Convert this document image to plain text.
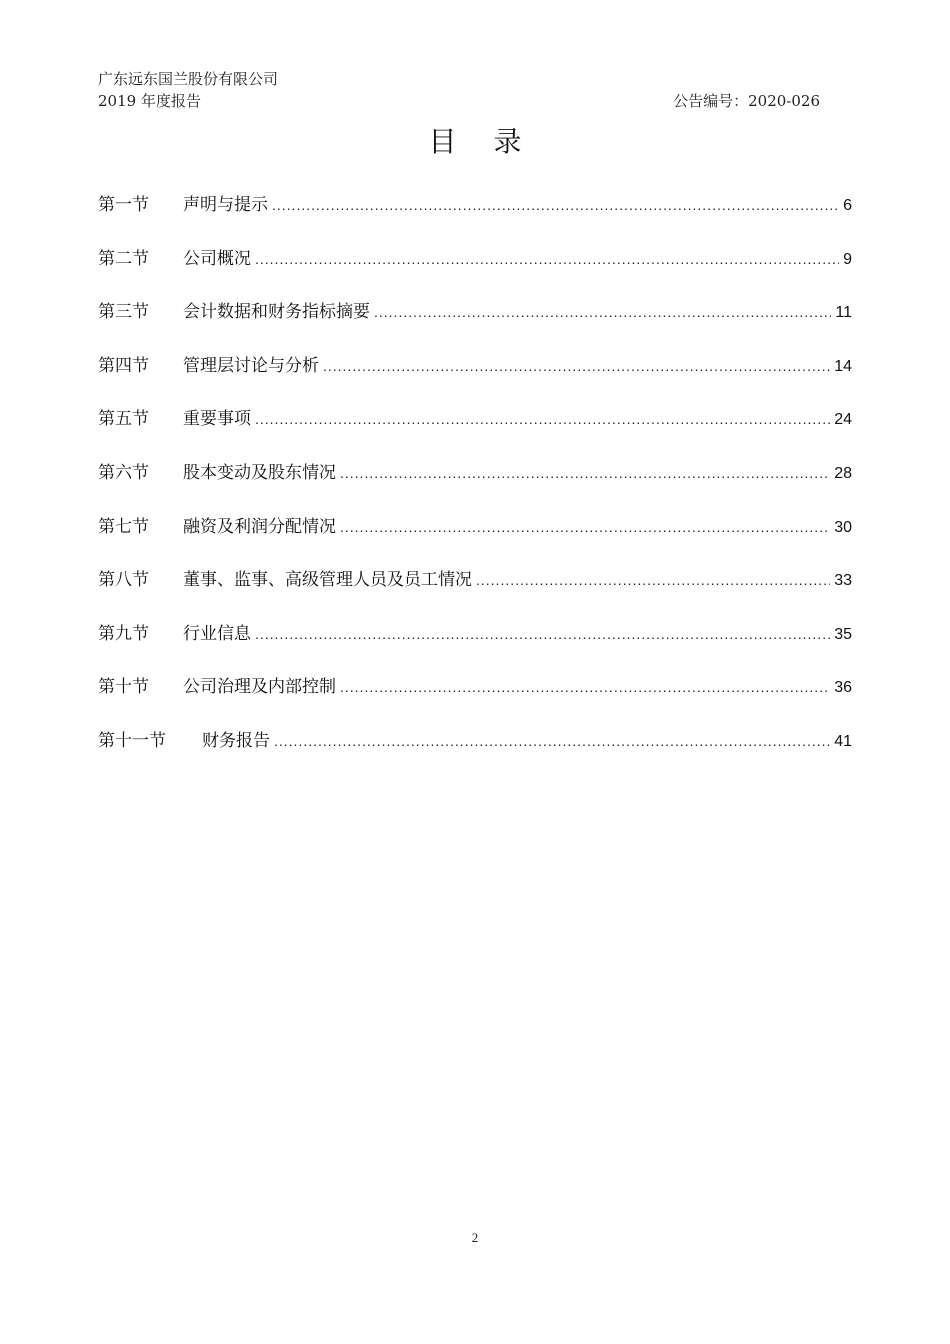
广东远东国兰股份有限公司
2019 年度报告	公告编号：2020-026
目 录
第一节	声明与提示 .....	6
第二节	公司概况 .....	9
第三节	会计数据和财务指标摘要 .....	11
第四节	管理层讨论与分析 .....	14
第五节	重要事项 .....	24
第六节	股本变动及股东情况 .....	28
第七节	融资及利润分配情况 .....	30
第八节	董事、监事、高级管理人员及员工情况 .....	33
第九节	行业信息 .....	35
第十节	公司治理及内部控制 .....	36
第十一节	财务报告 .....	41
2
